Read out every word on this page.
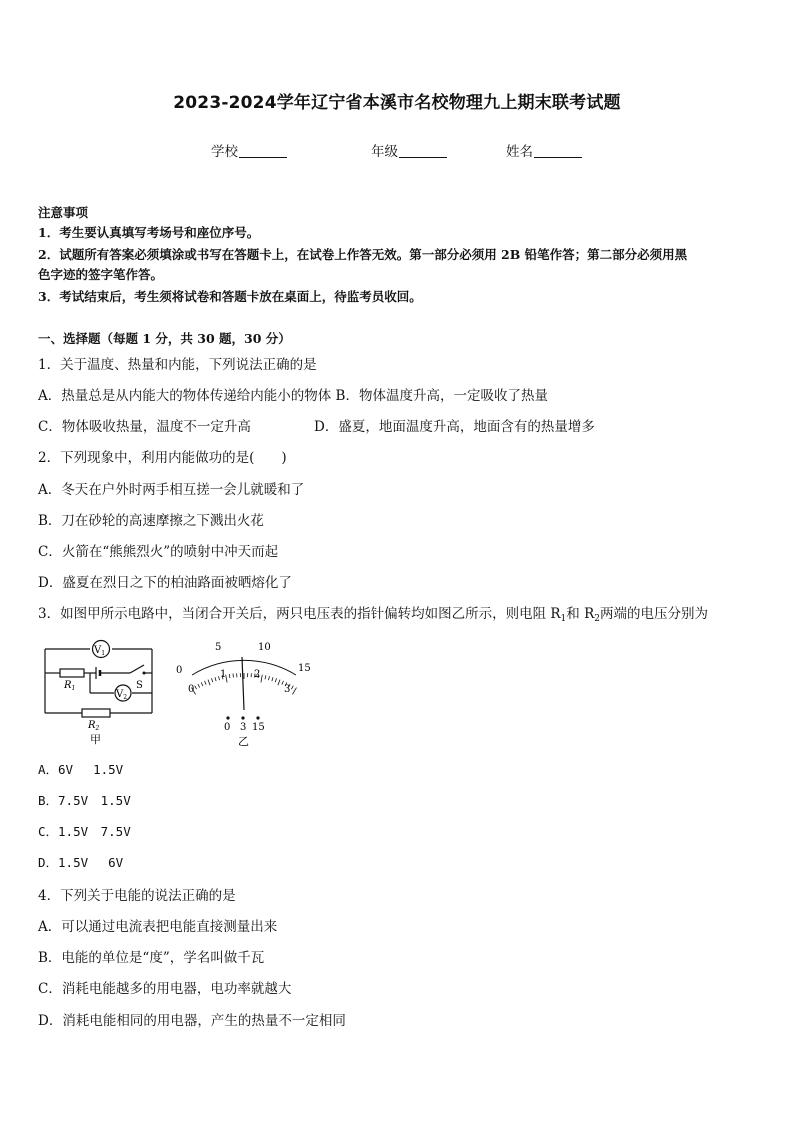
2023-2024学年辽宁省本溪市名校物理九上期末联考试题
学校	年级	姓名
注意事项
1．考生要认真填写考场号和座位序号。
2．试题所有答案必须填涂或书写在答题卡上，在试卷上作答无效。第一部分必须用 2B 铅笔作答；第二部分必须用黑
色字迹的签字笔作答。
3．考试结束后，考生须将试卷和答题卡放在桌面上，待监考员收回。
一、选择题（每题 1 分，共 30 题，30 分）
1．关于温度、热量和内能，下列说法正确的是
A．热量总是从内能大的物体传递给内能小的物体 B．物体温度升高，一定吸收了热量
C．物体吸收热量，温度不一定升高	D．盛夏，地面温度升高，地面含有的热量增多
2．下列现象中，利用内能做功的是(　　)
A．冬天在户外时两手相互搓一会儿就暖和了
B．刀在砂轮的高速摩擦之下溅出火花
C．火箭在“熊熊烈火”的喷射中冲天而起
D．盛夏在烈日之下的柏油路面被晒熔化了
3．如图甲所示电路中，当闭合开关后，两只电压表的指针偏转均如图乙所示，则电阻 $R_1$和 $R_2$两端的电压分别为
$V_1$
$V_2$
$R_1$
$R_2$
S
甲
0
5	10
15
0
1	2
3
0 3 15
乙
A．6V　 1.5V
B．7.5V　1.5V
C．1.5V　7.5V
D．1.5V　 6V
4．下列关于电能的说法正确的是
A．可以通过电流表把电能直接测量出来
B．电能的单位是“度”，学名叫做千瓦
C．消耗电能越多的用电器，电功率就越大
D．消耗电能相同的用电器，产生的热量不一定相同
